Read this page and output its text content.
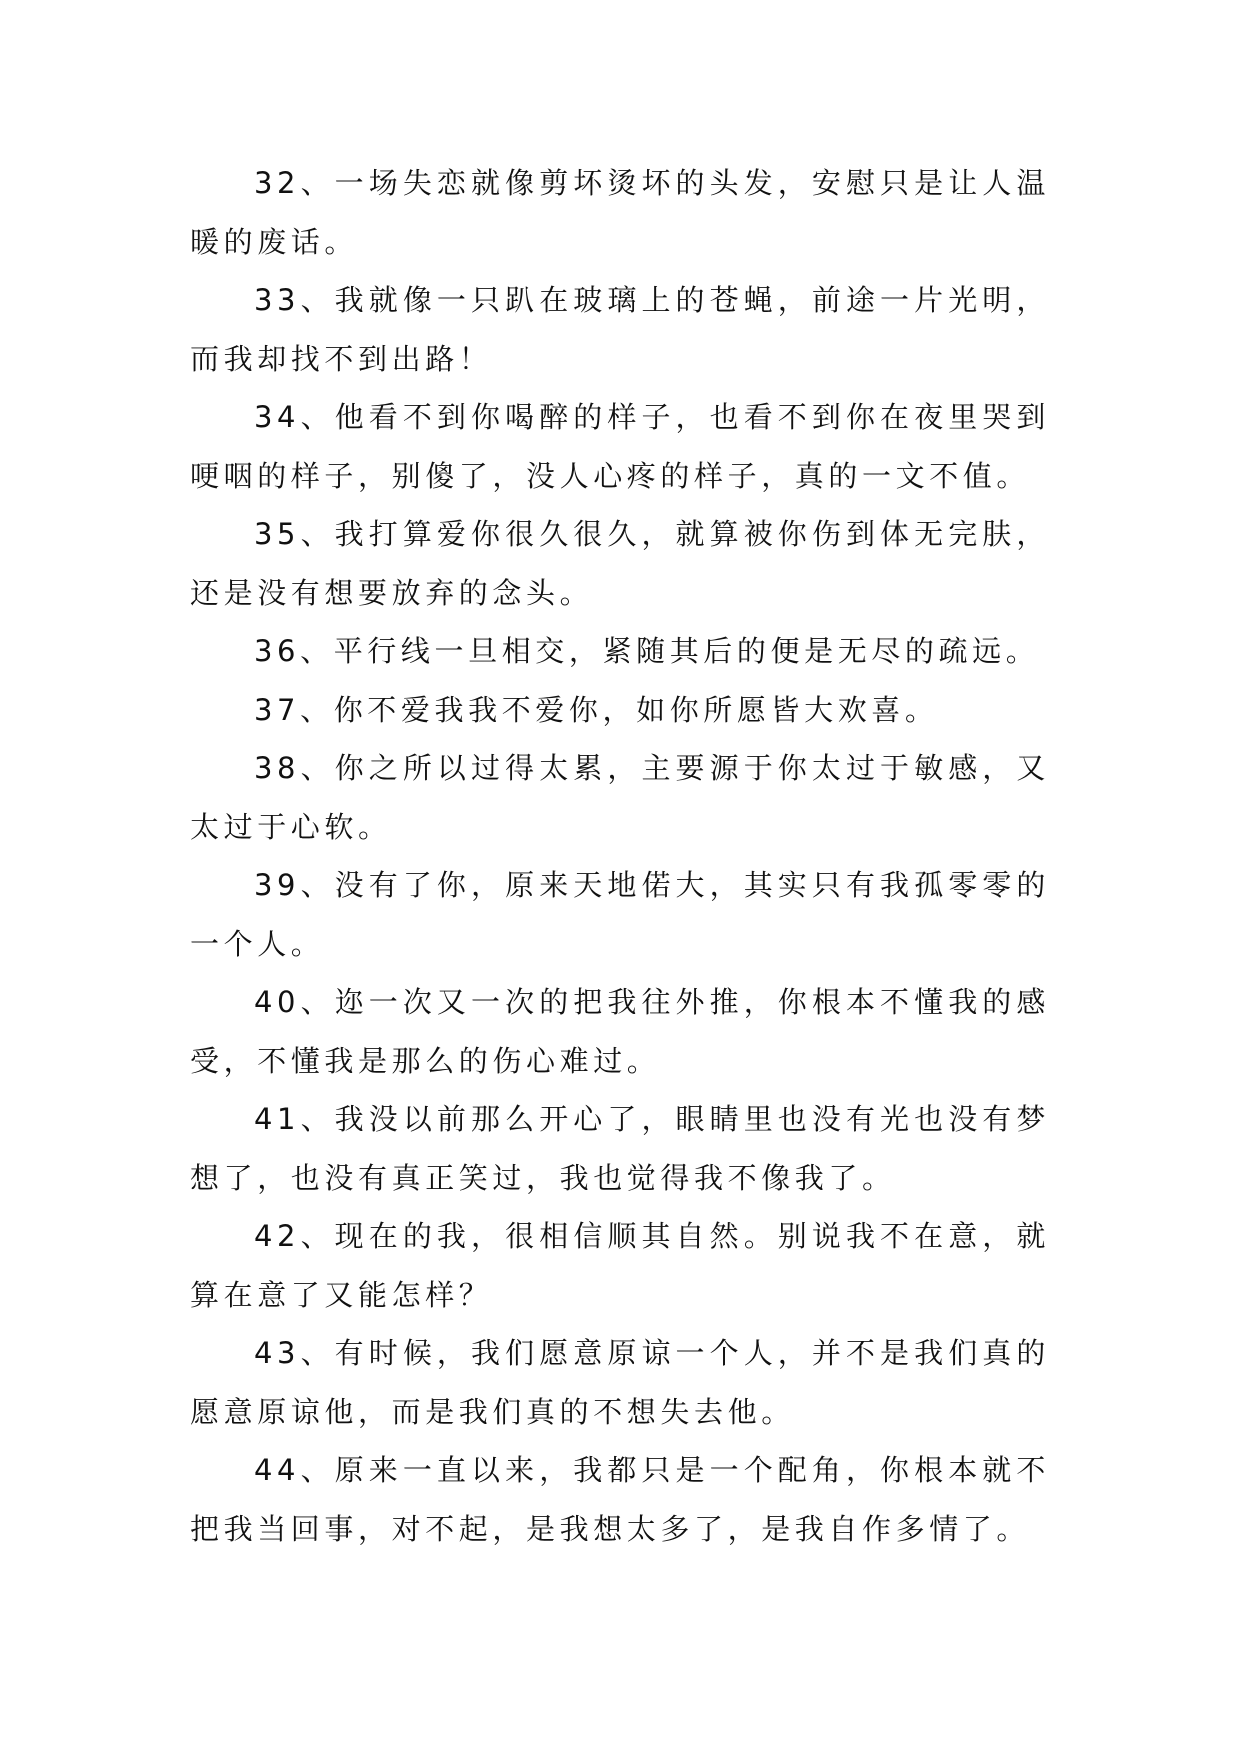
32、一场失恋就像剪坏烫坏的头发，安慰只是让人温暖的废话。

33、我就像一只趴在玻璃上的苍蝇，前途一片光明，而我却找不到出路！

34、他看不到你喝醉的样子，也看不到你在夜里哭到哽咽的样子，别傻了，没人心疼的样子，真的一文不值。

35、我打算爱你很久很久，就算被你伤到体无完肤，还是没有想要放弃的念头。

36、平行线一旦相交，紧随其后的便是无尽的疏远。

37、你不爱我我不爱你，如你所愿皆大欢喜。

38、你之所以过得太累，主要源于你太过于敏感，又太过于心软。

39、没有了你，原来天地偌大，其实只有我孤零零的一个人。

40、迩一次又一次的把我往外推，你根本不懂我的感受，不懂我是那么的伤心难过。

41、我没以前那么开心了，眼睛里也没有光也没有梦想了，也没有真正笑过，我也觉得我不像我了。

42、现在的我，很相信顺其自然。别说我不在意，就算在意了又能怎样？

43、有时候，我们愿意原谅一个人，并不是我们真的愿意原谅他，而是我们真的不想失去他。

44、原来一直以来，我都只是一个配角，你根本就不把我当回事，对不起，是我想太多了，是我自作多情了。
